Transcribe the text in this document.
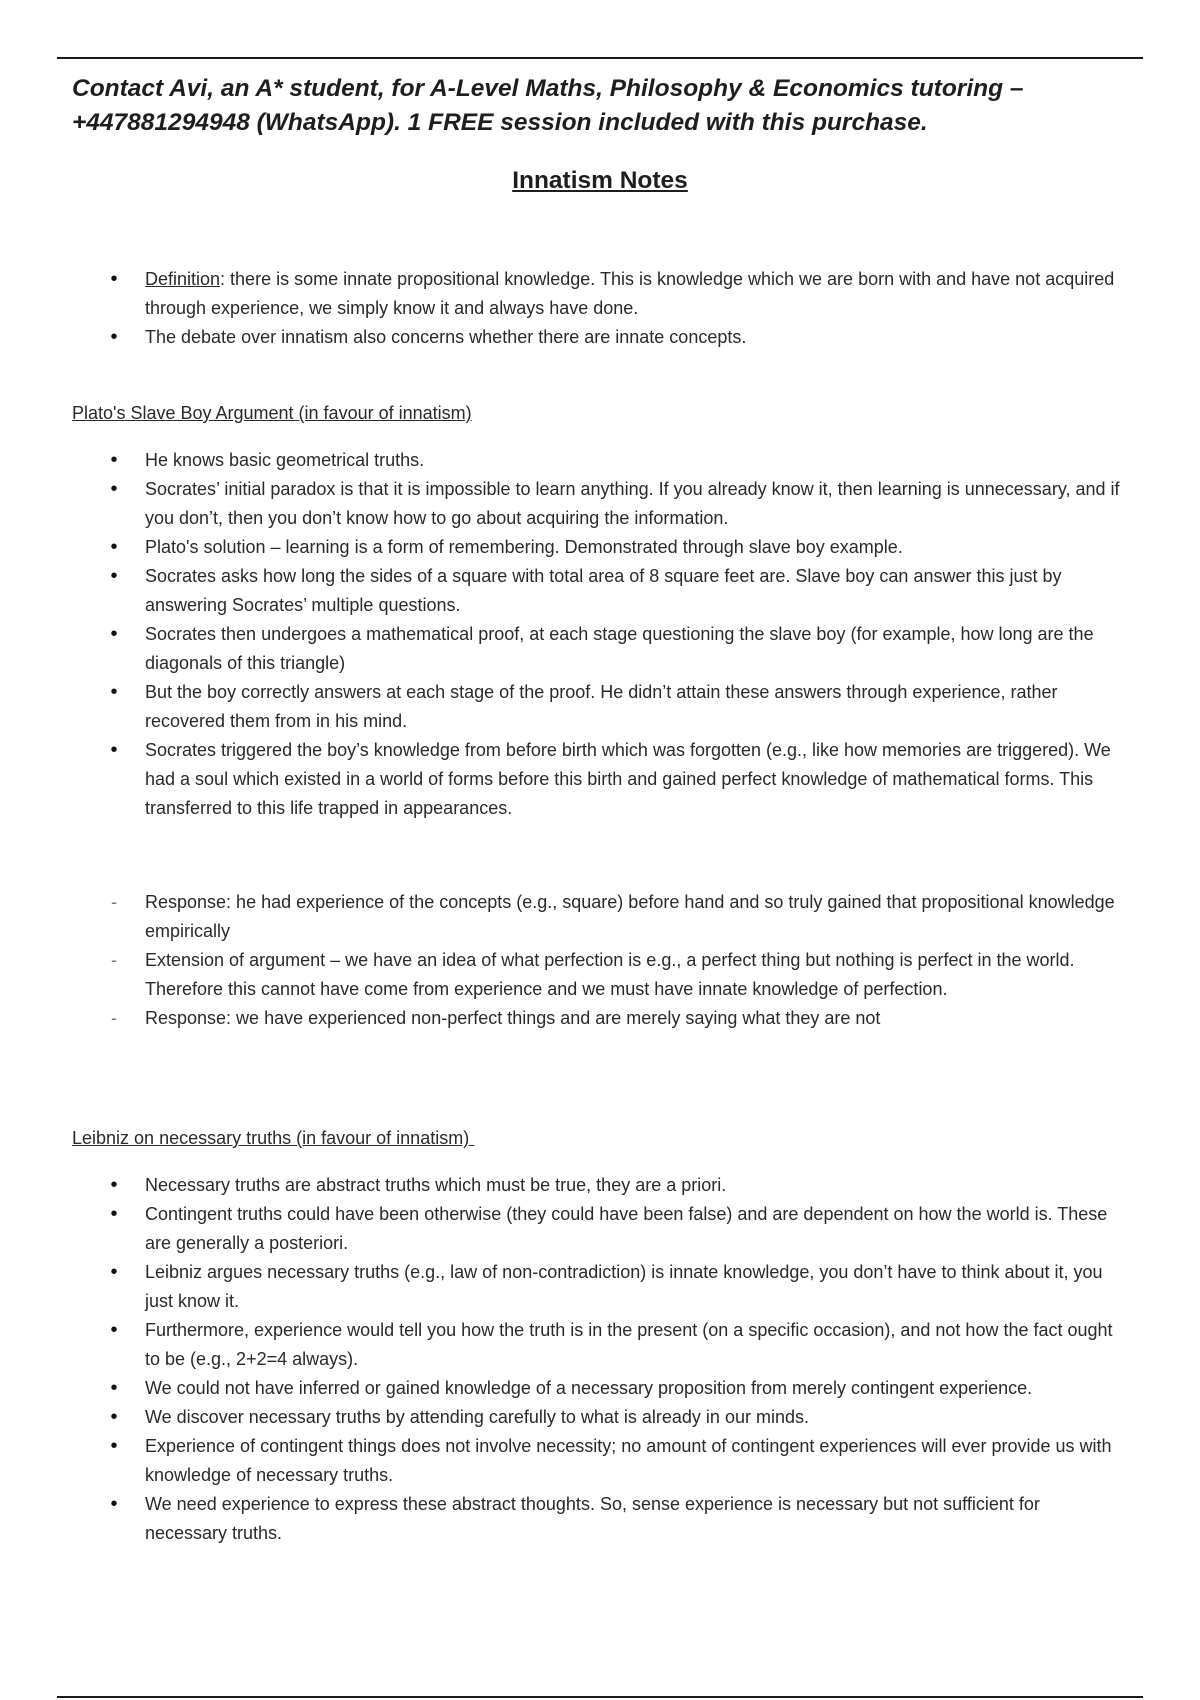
Contact Avi, an A* student, for A-Level Maths, Philosophy & Economics tutoring – +447881294948 (WhatsApp). 1 FREE session included with this purchase.

Innatism Notes
•
Definition: there is some innate propositional knowledge. This is knowledge which we are born with and have not acquired through experience, we simply know it and always have done.
•
The debate over innatism also concerns whether there are innate concepts.

Plato's Slave Boy Argument (in favour of innatism)

•
He knows basic geometrical truths.
•
Socrates’ initial paradox is that it is impossible to learn anything. If you already know it, then learning is unnecessary, and if you don’t, then you don’t know how to go about acquiring the information.
•
Plato's solution – learning is a form of remembering. Demonstrated through slave boy example.
•
Socrates asks how long the sides of a square with total area of 8 square feet are. Slave boy can answer this just by answering Socrates’ multiple questions.
•
Socrates then undergoes a mathematical proof, at each stage questioning the slave boy (for example, how long are the diagonals of this triangle)
•
But the boy correctly answers at each stage of the proof. He didn’t attain these answers through experience, rather recovered them from in his mind.
•
Socrates triggered the boy’s knowledge from before birth which was forgotten (e.g., like how memories are triggered). We had a soul which existed in a world of forms before this birth and gained perfect knowledge of mathematical forms. This transferred to this life trapped in appearances.
-
Response: he had experience of the concepts (e.g., square) before hand and so truly gained that propositional knowledge empirically
-
Extension of argument – we have an idea of what perfection is e.g., a perfect thing but nothing is perfect in the world. Therefore this cannot have come from experience and we must have innate knowledge of perfection.
-
Response: we have experienced non-perfect things and are merely saying what they are not

Leibniz on necessary truths (in favour of innatism)

•
Necessary truths are abstract truths which must be true, they are a priori.
•
Contingent truths could have been otherwise (they could have been false) and are dependent on how the world is. These are generally a posteriori.
•
Leibniz argues necessary truths (e.g., law of non-contradiction) is innate knowledge, you don’t have to think about it, you just know it.
•
Furthermore, experience would tell you how the truth is in the present (on a specific occasion), and not how the fact ought to be (e.g., 2+2=4 always).
•
We could not have inferred or gained knowledge of a necessary proposition from merely contingent experience.
•
We discover necessary truths by attending carefully to what is already in our minds.
•
Experience of contingent things does not involve necessity; no amount of contingent experiences will ever provide us with knowledge of necessary truths.
•
We need experience to express these abstract thoughts. So, sense experience is necessary but not sufficient for necessary truths.
